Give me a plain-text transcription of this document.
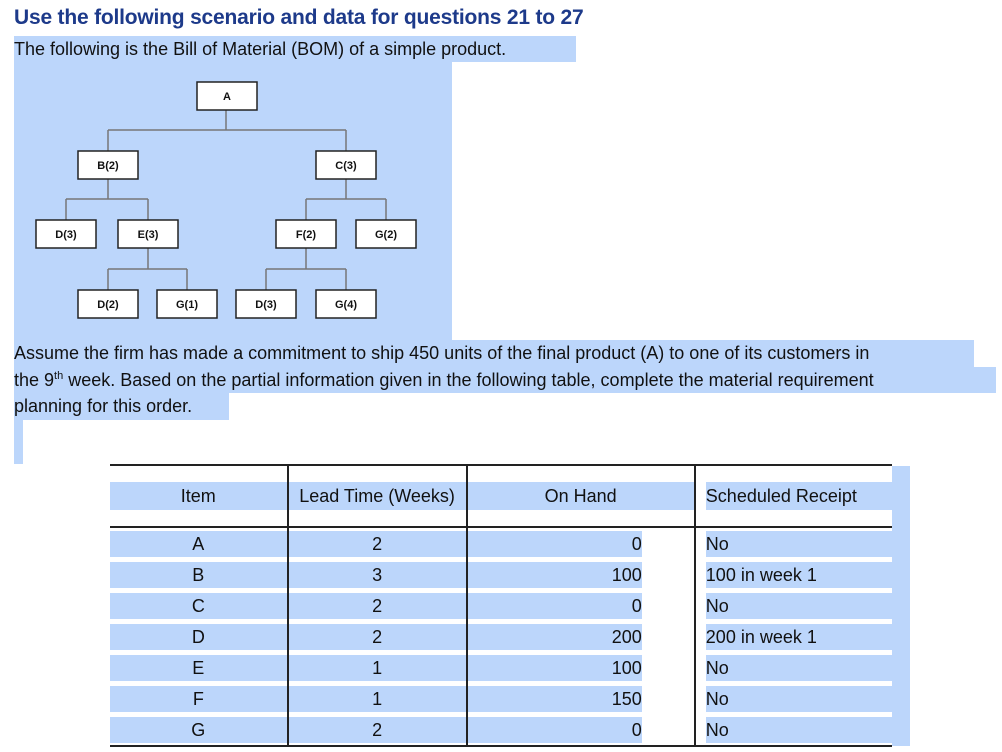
Use the following scenario and data for questions 21 to 27
The following is the Bill of Material (BOM) of a simple product.
A
B(2)	C(3)
D(3)	E(3)	F(2)	G(2)
D(2)	G(1)	D(3)	G(4)
Assume the firm has made a commitment to ship 450 units of the final product (A) to one of its customers in
the 9th week. Based on the partial information given in the following table, complete the material requirement
planning for this order.
Item	Lead Time (Weeks)	On Hand	Scheduled Receipt

A	2	0	No

B	3	100	100 in week 1

C	2	0	No

D	2	200	200 in week 1

E	1	100	No

F	1	150	No

G	2	0	No
